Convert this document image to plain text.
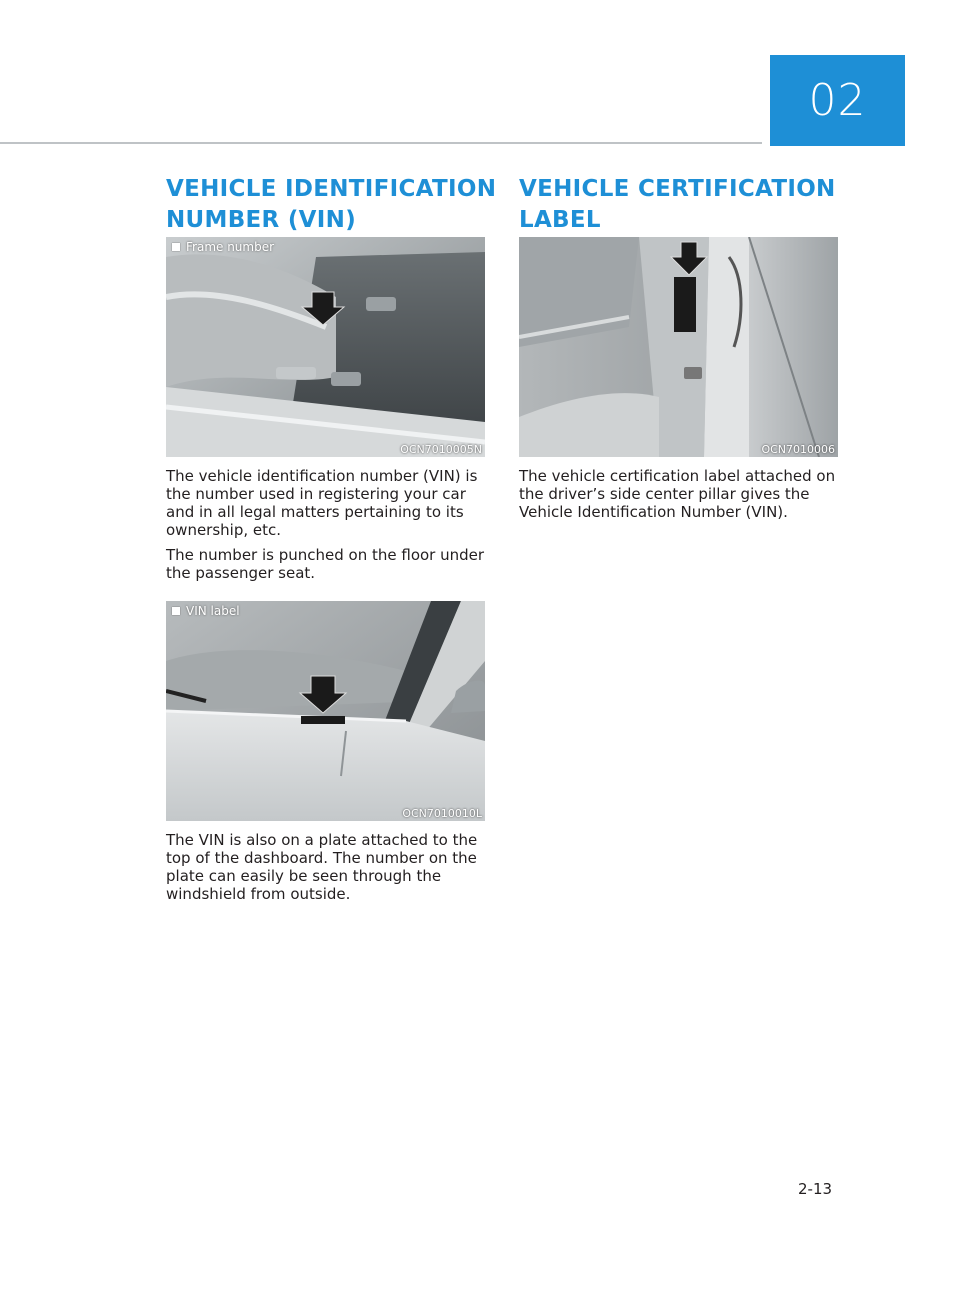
02
VEHICLE IDENTIFICATION
NUMBER (VIN)
Frame number
OCN7010005N

The vehicle identification number (VIN) is the number used in registering your car and in all legal matters pertaining to its ownership, etc.

The number is punched on the floor under the passenger seat.

VIN label
OCN7010010L

The VIN is also on a plate attached to the top of the dashboard. The number on the plate can easily be seen through the windshield from outside.

VEHICLE CERTIFICATION
LABEL
OCN7010006

The vehicle certification label attached on the driver’s side center pillar gives the Vehicle Identification Number (VIN).

2-13
